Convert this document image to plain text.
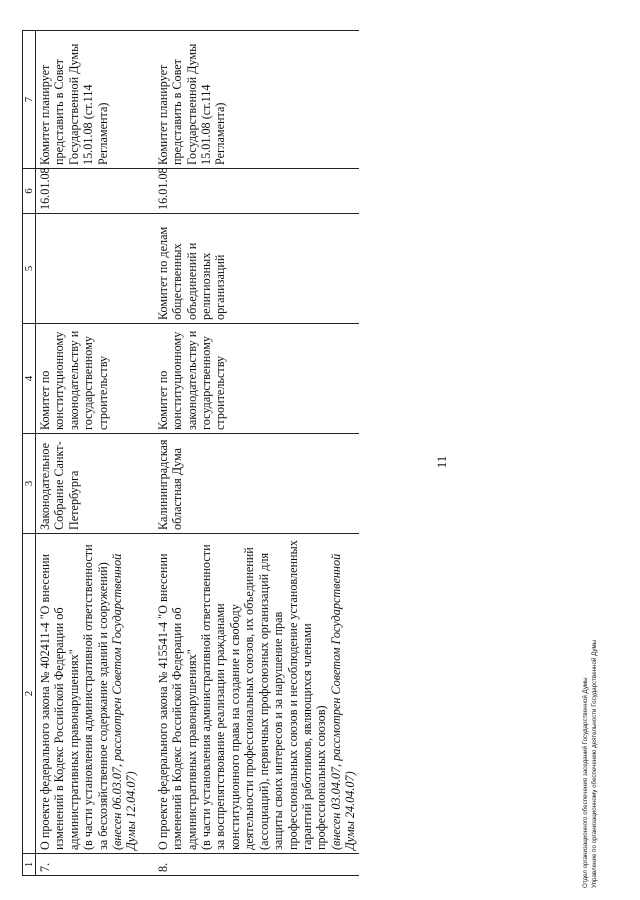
11
1	2	3	4	5	6	7
7.	О проекте федерального закона № 402411-4 "О внесении изменений в Кодекс Российской Федерации об административных правонарушениях" (в части установления административной ответственности за бесхозяйственное содержание зданий и сооружений) (внесен 06.03.07, рассмотрен Советом Государственной Думы 12.04.07)	Законодательное Собрание Санкт-Петербурга	Комитет по конституционному законодательству и государственному строительству		16.01.08	Комитет планирует представить в Совет Государственной Думы 15.01.08 (ст.114 Регламента)
8.	О проекте федерального закона № 415541-4 "О внесении изменений в Кодекс Российской Федерации об административных правонарушениях" (в части установления административной ответственности за воспрепятствование реализации гражданами конституционного права на создание и свободу деятельности профессиональных союзов, их объединений (ассоциаций), первичных профсоюзных организаций для защиты своих интересов и за нарушение прав профессиональных союзов и несоблюдение установленных гарантий работников, являющихся членами профессиональных союзов) (внесен 03.04.07, рассмотрен Советом Государственной Думы 24.04.07)	Калининградская областная Дума	Комитет по конституционному законодательству и государственному строительству	Комитет по делам общественных объединений и религиозных организаций	16.01.08	Комитет планирует представить в Совет Государственной Думы 15.01.08 (ст.114 Регламента)
Отдел организационного обеспечения заседаний Государственной Думы Управление по организационному обеспечению деятельности Государственной Думы
